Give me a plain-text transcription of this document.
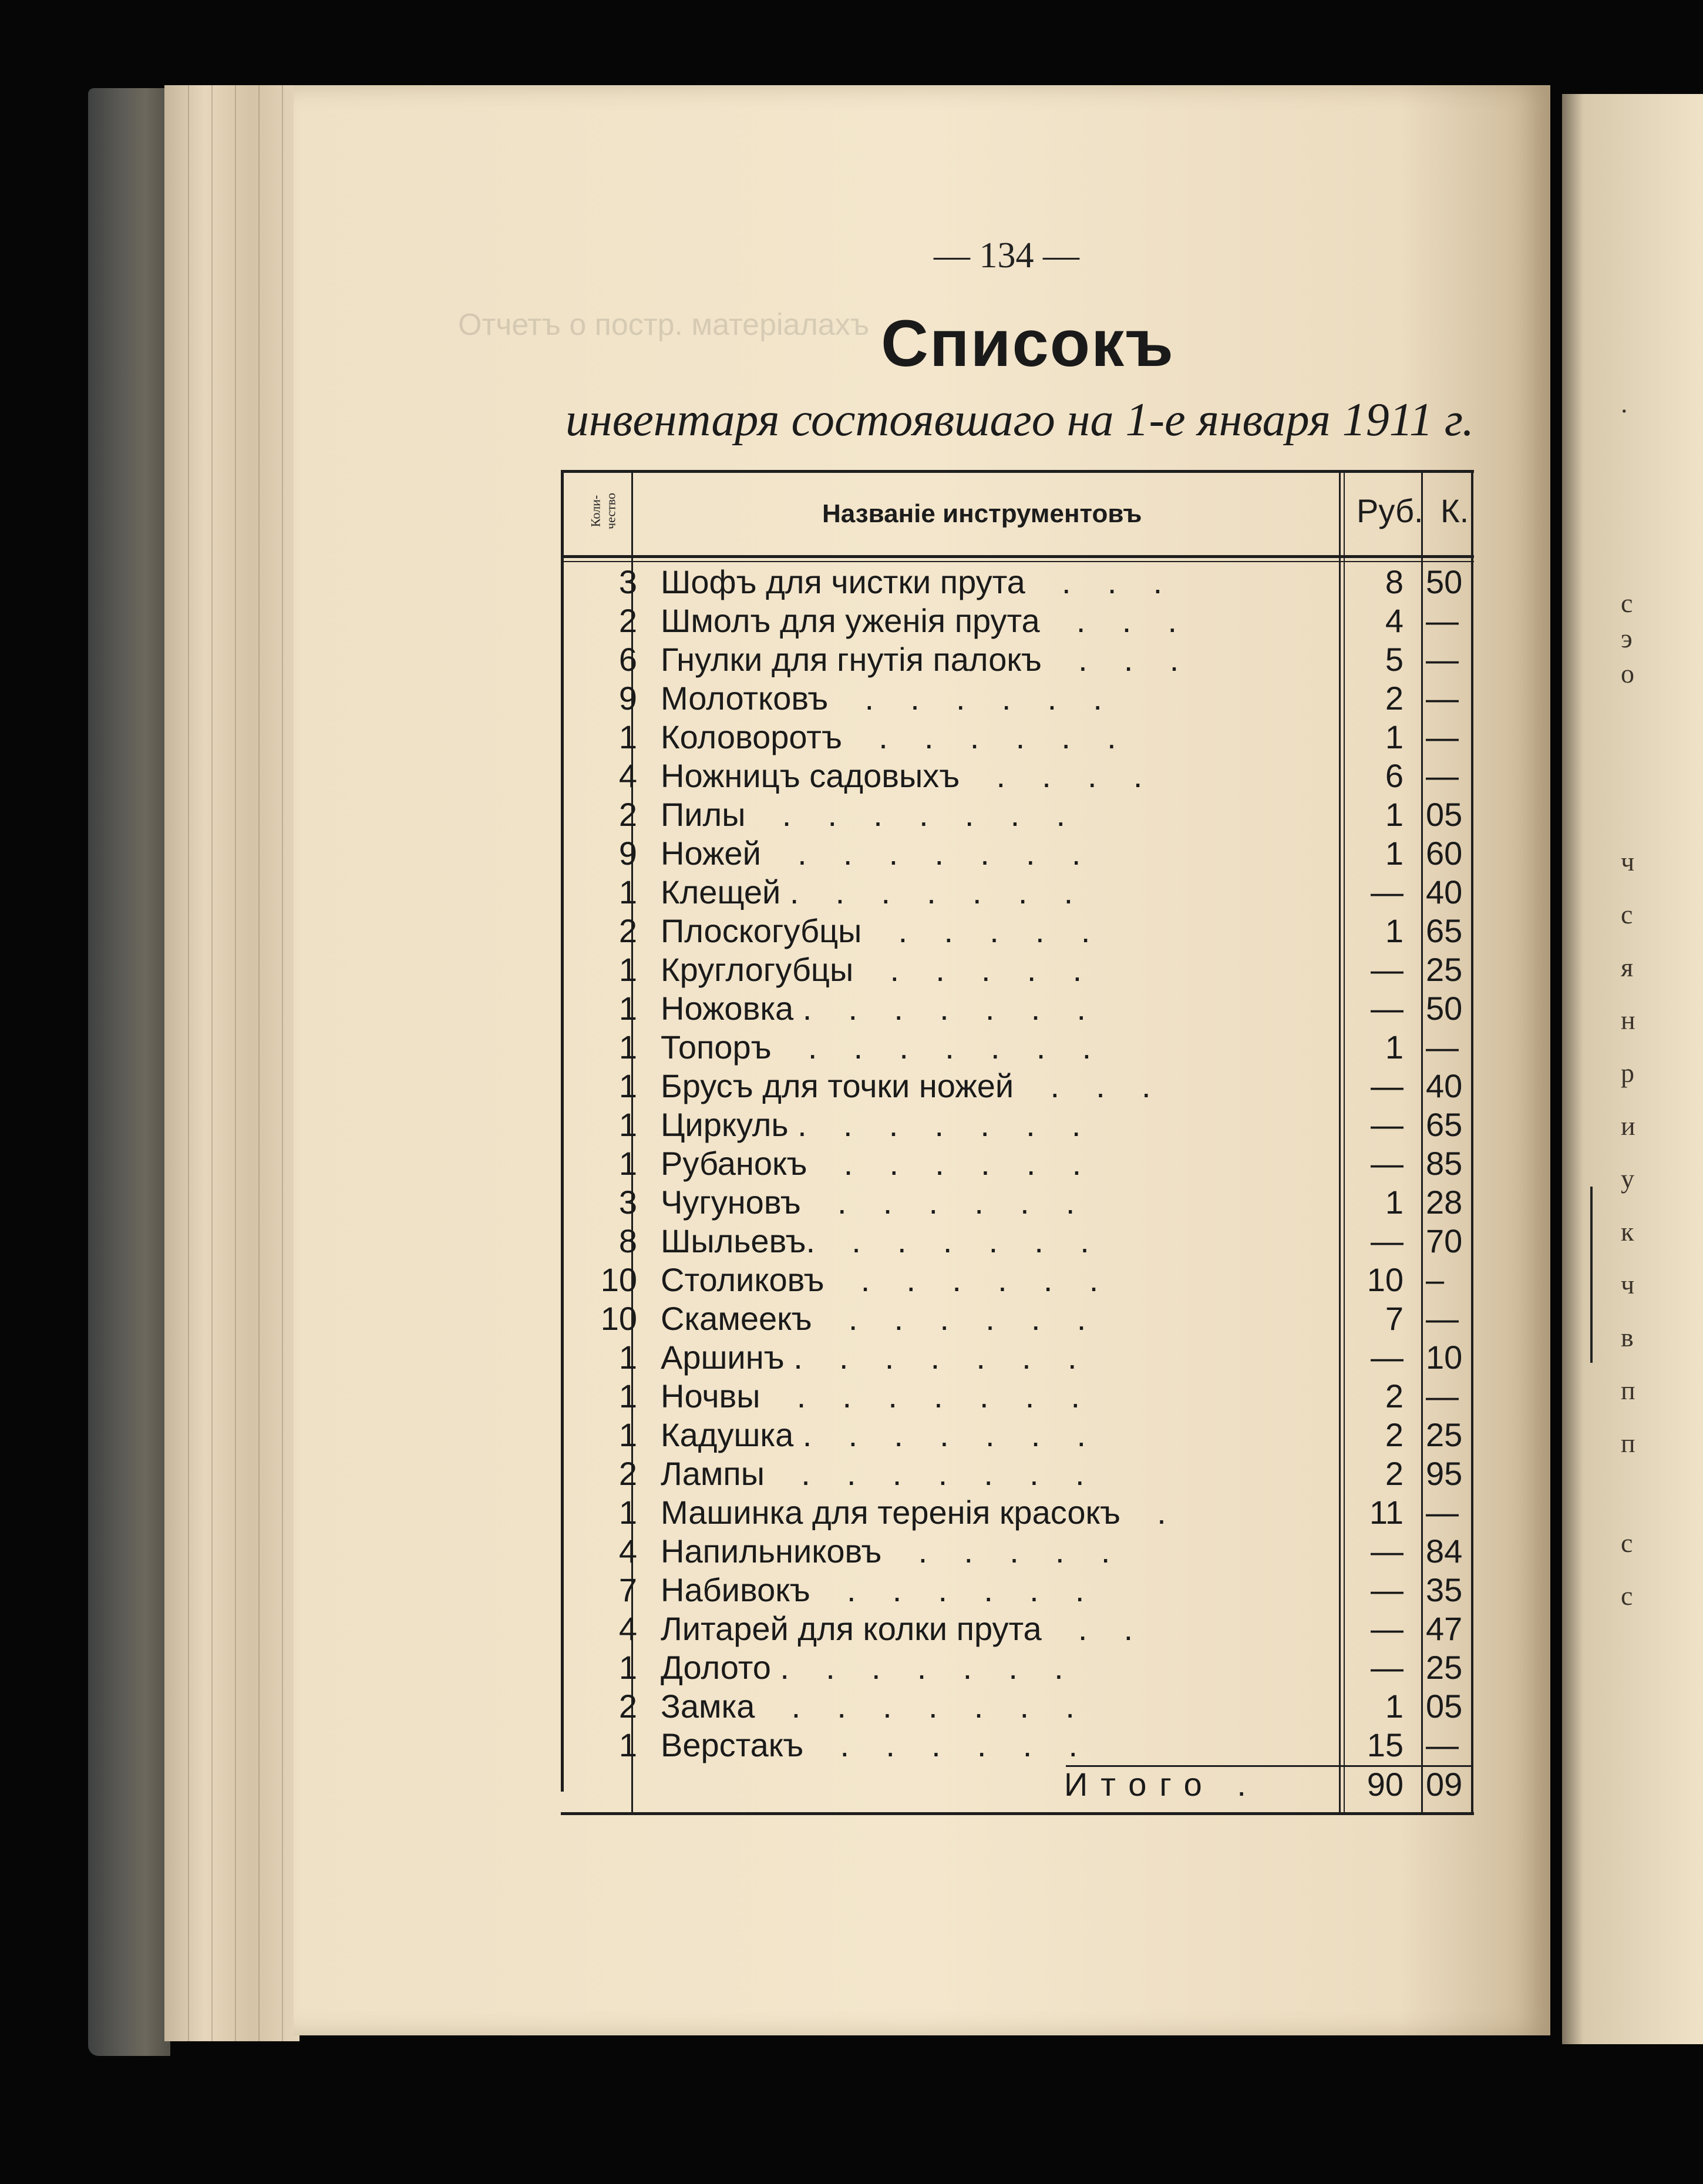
.
с
э
о
ч
с
я
н
р
и
у
к
ч
в
п
п
с
с
— 134 —
Списокъ
инвентаря состоявшаго на 1-е января 1911 г.
Коли-чество	Названіе инструментовъ	Руб. К.
3 Шофъ для чистки прута    .    .    .	8 50
2 Шмолъ для уженія прута    .    .    .	4 —
6 Гнулки для гнутія палокъ    .    .    .	5 —
9 Молотковъ    .    .    .    .    .    .	2 —
1 Коловоротъ    .    .    .    .    .    .	1 —
4 Ножницъ садовыхъ    .    .    .    .	6 —
2 Пилы    .    .    .    .    .    .    .	1 05
9 Ножей    .    .    .    .    .    .    .	1 60
1 Клещей .    .    .    .    .    .    .	— 40
2 Плоскогубцы    .    .    .    .    .	1 65
1 Круглогубцы    .    .    .    .    .	— 25
1 Ножовка .    .    .    .    .    .    .	— 50
1 Топоръ    .    .    .    .    .    .    .	1 —
1 Брусъ для точки ножей    .    .    .	— 40
1 Циркуль .    .    .    .    .    .    .	— 65
1 Рубанокъ    .    .    .    .    .    .	— 85
3 Чугуновъ    .    .    .    .    .    .	1 28
8 Шыльевъ.    .    .    .    .    .    .	— 70
10 Столиковъ    .    .    .    .    .    .	10 –
10 Скамеекъ    .    .    .    .    .    .	7 —
1 Аршинъ .    .    .    .    .    .    .	— 10
1 Ночвы    .    .    .    .    .    .    .	2 —
1 Кадушка .    .    .    .    .    .    .	2 25
2 Лампы    .    .    .    .    .    .    .	2 95
1 Машинка для теренія красокъ    .	11 —
4 Напильниковъ    .    .    .    .    .	— 84
7 Набивокъ    .    .    .    .    .    .	— 35
4 Литарей для колки прута    .    .	— 47
1 Долото .    .    .    .    .    .    .	— 25
2 Замка    .    .    .    .    .    .    .	1 05
1 Верстакъ    .    .    .    .    .    .	15 —
Итого .	90 09
